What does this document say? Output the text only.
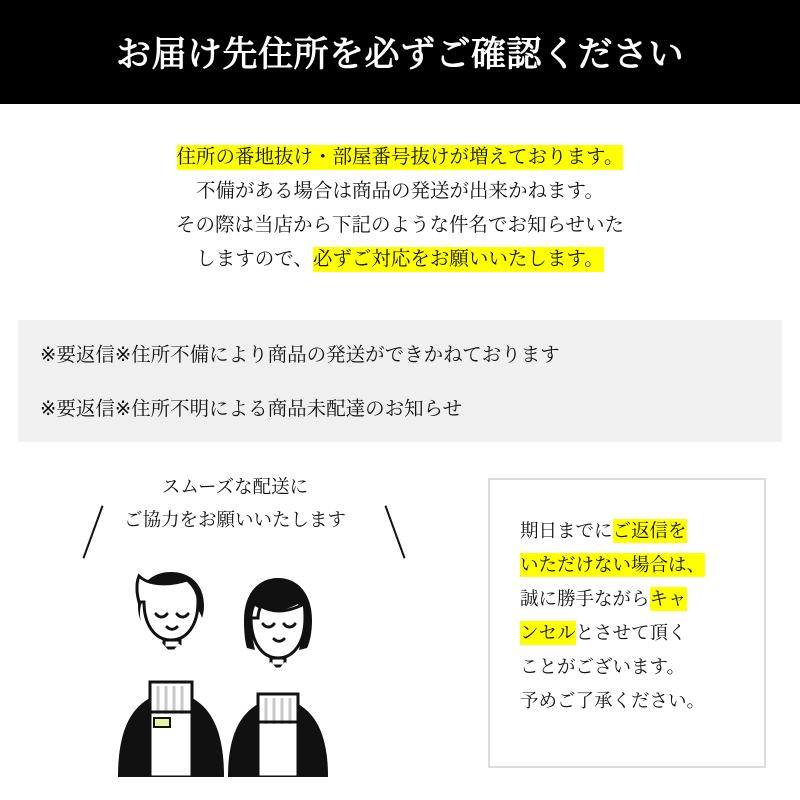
お届け先住所を必ずご確認ください
住所の番地抜け・部屋番号抜けが増えております。
不備がある場合は商品の発送が出来かねます。
その際は当店から下記のような件名でお知らせいた
しますので、必ずご対応をお願いいたします。
※要返信※住所不備により商品の発送ができかねております
※要返信※住所不明による商品未配達のお知らせ
スムーズな配送に
ご協力をお願いいたします
期日までにご返信を
いただけない場合は、
誠に勝手ながらキャ
ンセルとさせて頂く
ことがございます。
予めご了承ください。
